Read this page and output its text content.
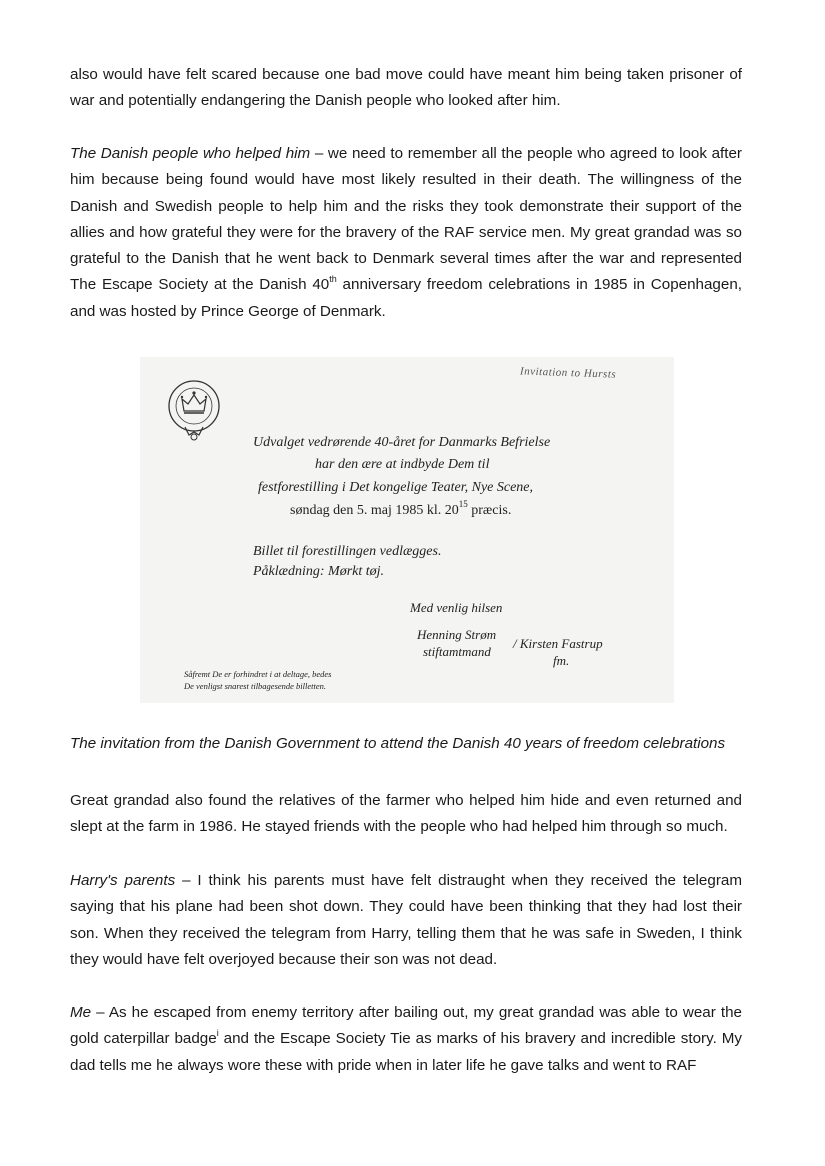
also would have felt scared because one bad move could have meant him being taken prisoner of war and potentially endangering the Danish people who looked after him.

The Danish people who helped him – we need to remember all the people who agreed to look after him because being found would have most likely resulted in their death. The willingness of the Danish and Swedish people to help him and the risks they took demonstrate their support of the allies and how grateful they were for the bravery of the RAF service men. My great grandad was so grateful to the Danish that he went back to Denmark several times after the war and represented The Escape Society at the Danish 40th anniversary freedom celebrations in 1985 in Copenhagen, and was hosted by Prince George of Denmark.

Invitation to Hursts

Udvalget vedrørende 40-året for Danmarks Befrielse

har den ære at indbyde Dem til

festforestilling i Det kongelige Teater, Nye Scene,

søndag den 5. maj 1985 kl. $20^{15}$ præcis.

Billet til forestillingen vedlægges.

Påklædning: Mørkt tøj.

Med venlig hilsen

Henning Strøm

stiftamtmand

/ Kirsten Fastrup

fm.

Såfremt De er forhindret i at deltage, bedes

De venligst snarest tilbagesende billetten.

The invitation from the Danish Government to attend the Danish 40 years of freedom celebrations

Great grandad also found the relatives of the farmer who helped him hide and even returned and slept at the farm in 1986. He stayed friends with the people who had helped him through so much.

Harry's parents – I think his parents must have felt distraught when they received the telegram saying that his plane had been shot down. They could have been thinking that they had lost their son. When they received the telegram from Harry, telling them that he was safe in Sweden, I think they would have felt overjoyed because their son was not dead.

Me – As he escaped from enemy territory after bailing out, my great grandad was able to wear the gold caterpillar badge$^i$ and the Escape Society Tie as marks of his bravery and incredible story. My dad tells me he always wore these with pride when in later life he gave talks and went to RAF
